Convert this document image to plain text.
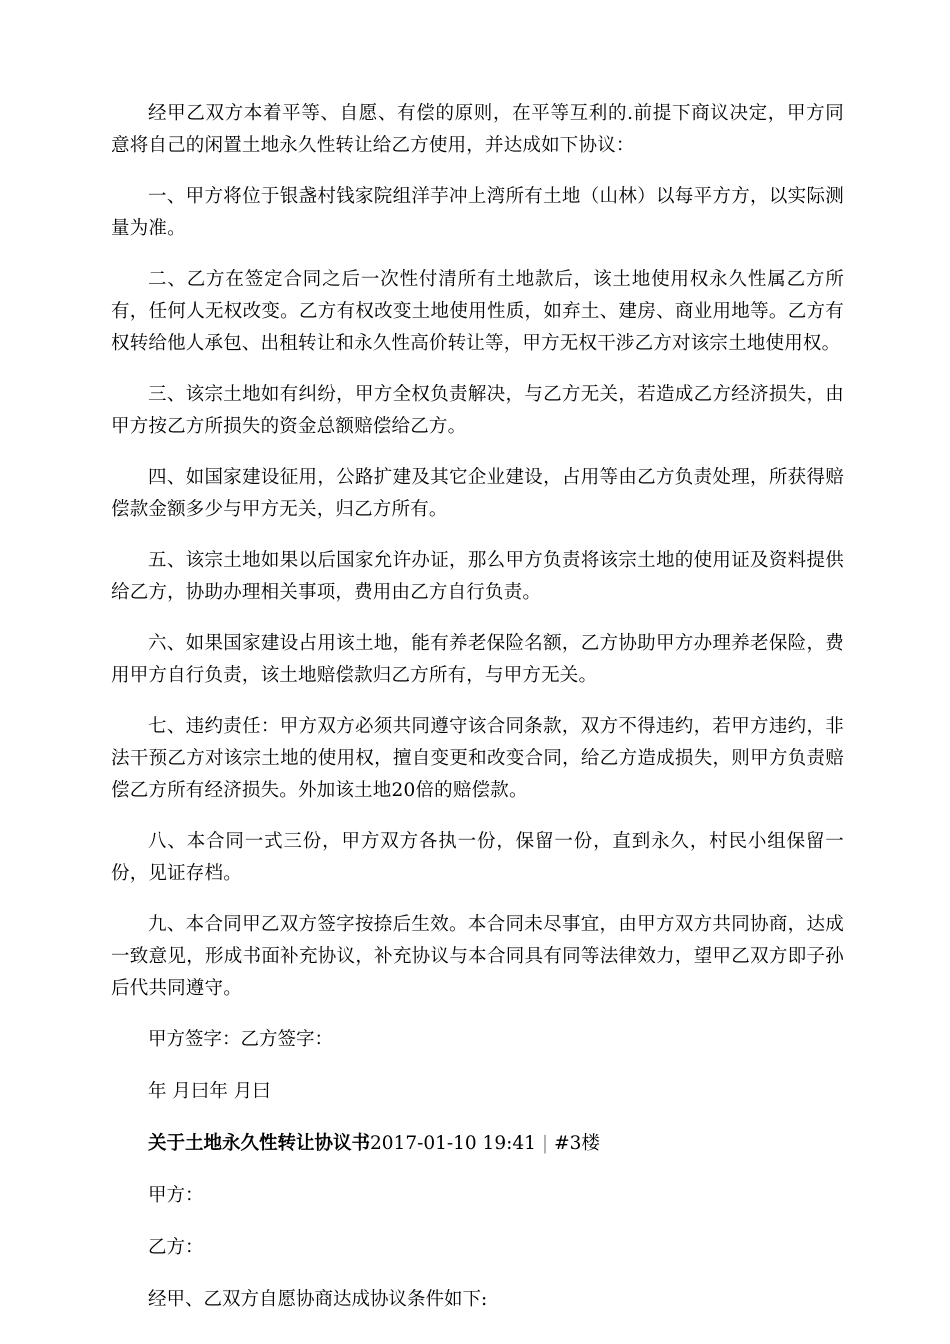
经甲乙双方本着平等、自愿、有偿的原则，在平等互利的.前提下商议决定，甲方同意将自己的闲置土地永久性转让给乙方使用，并达成如下协议：

一、甲方将位于银盏村钱家院组洋芋冲上湾所有土地（山林）以每平方方，以实际测量为准。

二、乙方在签定合同之后一次性付清所有土地款后，该土地使用权永久性属乙方所有，任何人无权改变。乙方有权改变土地使用性质，如弃土、建房、商业用地等。乙方有权转给他人承包、出租转让和永久性高价转让等，甲方无权干涉乙方对该宗土地使用权。

三、该宗土地如有纠纷，甲方全权负责解决，与乙方无关，若造成乙方经济损失，由甲方按乙方所损失的资金总额赔偿给乙方。

四、如国家建设征用，公路扩建及其它企业建设，占用等由乙方负责处理，所获得赔偿款金额多少与甲方无关，归乙方所有。

五、该宗土地如果以后国家允许办证，那么甲方负责将该宗土地的使用证及资料提供给乙方，协助办理相关事项，费用由乙方自行负责。

六、如果国家建设占用该土地，能有养老保险名额，乙方协助甲方办理养老保险，费用甲方自行负责，该土地赔偿款归乙方所有，与甲方无关。

七、违约责任：甲方双方必须共同遵守该合同条款，双方不得违约，若甲方违约，非法干预乙方对该宗土地的使用权，擅自变更和改变合同，给乙方造成损失，则甲方负责赔偿乙方所有经济损失。外加该土地20倍的赔偿款。

八、本合同一式三份，甲方双方各执一份，保留一份，直到永久，村民小组保留一份，见证存档。

九、本合同甲乙双方签字按捺后生效。本合同未尽事宜，由甲方双方共同协商，达成一致意见，形成书面补充协议，补充协议与本合同具有同等法律效力，望甲乙双方即子孙后代共同遵守。

甲方签字：乙方签字：

年 月曰年 月曰

关于土地永久性转让协议书2017-01-10 19:41 | #3楼

甲方：

乙方：

经甲、乙双方自愿协商达成协议条件如下:
